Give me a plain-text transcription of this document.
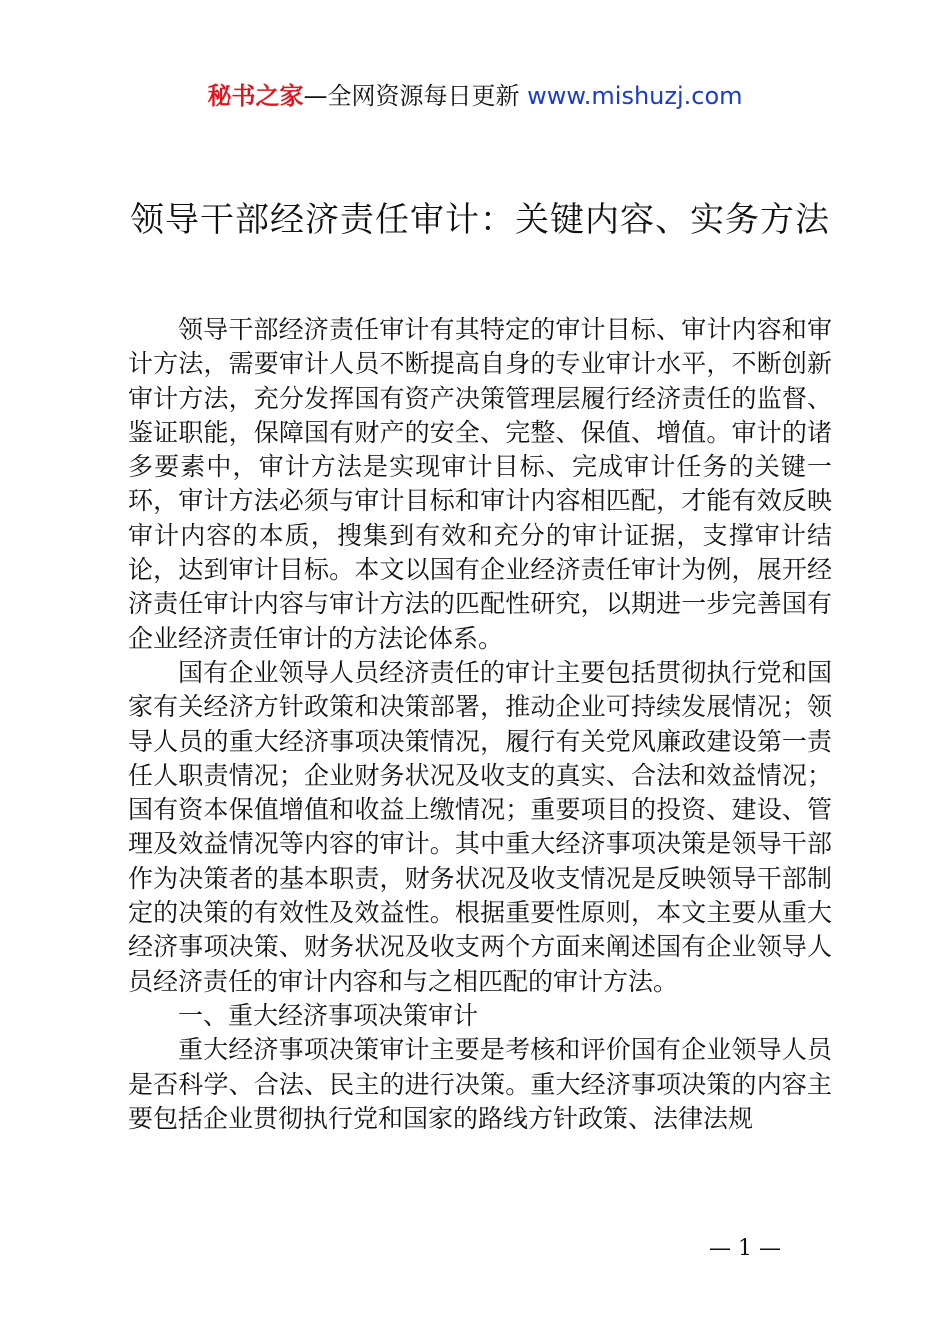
秘书之家—全网资源每日更新 www.mishuzj.com
领导干部经济责任审计：关键内容、实务方法

领导干部经济责任审计有其特定的审计目标、审计内容和审计方法，需要审计人员不断提高自身的专业审计水平，不断创新审计方法，充分发挥国有资产决策管理层履行经济责任的监督、鉴证职能，保障国有财产的安全、完整、保值、增值。审计的诸多要素中，审计方法是实现审计目标、完成审计任务的关键一环，审计方法必须与审计目标和审计内容相匹配，才能有效反映审计内容的本质，搜集到有效和充分的审计证据，支撑审计结论，达到审计目标。本文以国有企业经济责任审计为例，展开经济责任审计内容与审计方法的匹配性研究，以期进一步完善国有企业经济责任审计的方法论体系。

国有企业领导人员经济责任的审计主要包括贯彻执行党和国家有关经济方针政策和决策部署，推动企业可持续发展情况；领导人员的重大经济事项决策情况，履行有关党风廉政建设第一责任人职责情况；企业财务状况及收支的真实、合法和效益情况；国有资本保值增值和收益上缴情况；重要项目的投资、建设、管理及效益情况等内容的审计。其中重大经济事项决策是领导干部作为决策者的基本职责，财务状况及收支情况是反映领导干部制定的决策的有效性及效益性。根据重要性原则，本文主要从重大经济事项决策、财务状况及收支两个方面来阐述国有企业领导人员经济责任的审计内容和与之相匹配的审计方法。

一、重大经济事项决策审计

重大经济事项决策审计主要是考核和评价国有企业领导人员是否科学、合法、民主的进行决策。重大经济事项决策的内容主要包括企业贯彻执行党和国家的路线方针政策、法律法规

— 1 —
